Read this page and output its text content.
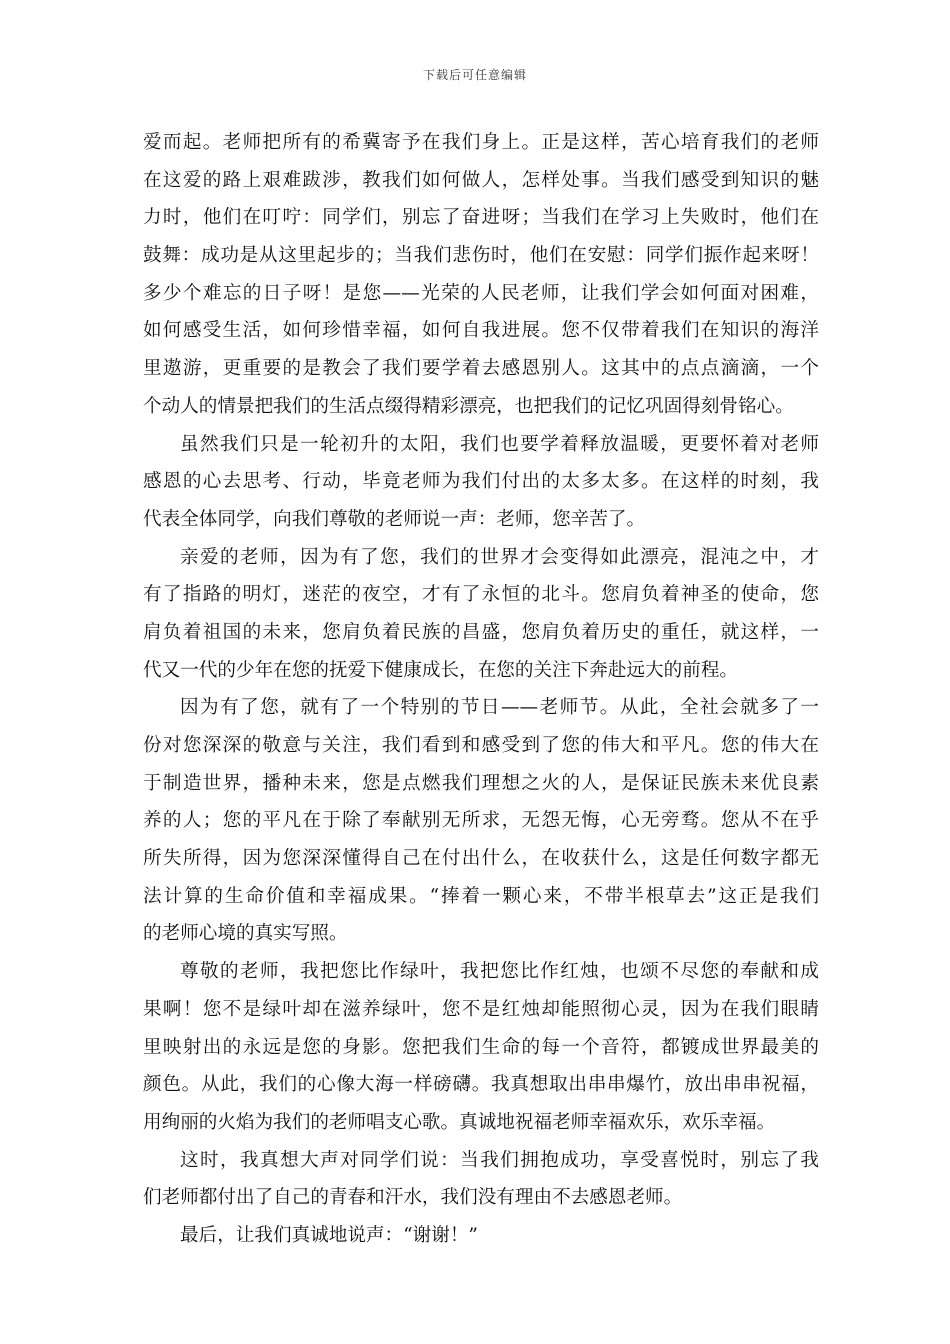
下载后可任意编辑
爱而起。老师把所有的希冀寄予在我们身上。正是这样，苦心培育我们的老师
在这爱的路上艰难跋涉，教我们如何做人，怎样处事。当我们感受到知识的魅
力时，他们在叮咛：同学们，别忘了奋进呀；当我们在学习上失败时，他们在
鼓舞：成功是从这里起步的；当我们悲伤时，他们在安慰：同学们振作起来呀！
多少个难忘的日子呀！是您——光荣的人民老师，让我们学会如何面对困难，
如何感受生活，如何珍惜幸福，如何自我进展。您不仅带着我们在知识的海洋
里遨游，更重要的是教会了我们要学着去感恩别人。这其中的点点滴滴，一个
个动人的情景把我们的生活点缀得精彩漂亮，也把我们的记忆巩固得刻骨铭心。
虽然我们只是一轮初升的太阳，我们也要学着释放温暖，更要怀着对老师
感恩的心去思考、行动，毕竟老师为我们付出的太多太多。在这样的时刻，我
代表全体同学，向我们尊敬的老师说一声：老师，您辛苦了。
亲爱的老师，因为有了您，我们的世界才会变得如此漂亮，混沌之中，才
有了指路的明灯，迷茫的夜空，才有了永恒的北斗。您肩负着神圣的使命，您
肩负着祖国的未来，您肩负着民族的昌盛，您肩负着历史的重任，就这样，一
代又一代的少年在您的抚爱下健康成长，在您的关注下奔赴远大的前程。
因为有了您，就有了一个特别的节日——老师节。从此，全社会就多了一
份对您深深的敬意与关注，我们看到和感受到了您的伟大和平凡。您的伟大在
于制造世界，播种未来，您是点燃我们理想之火的人，是保证民族未来优良素
养的人；您的平凡在于除了奉献别无所求，无怨无悔，心无旁骛。您从不在乎
所失所得，因为您深深懂得自己在付出什么，在收获什么，这是任何数字都无
法计算的生命价值和幸福成果。“捧着一颗心来，不带半根草去”这正是我们
的老师心境的真实写照。
尊敬的老师，我把您比作绿叶，我把您比作红烛，也颂不尽您的奉献和成
果啊！您不是绿叶却在滋养绿叶，您不是红烛却能照彻心灵，因为在我们眼睛
里映射出的永远是您的身影。您把我们生命的每一个音符，都镀成世界最美的
颜色。从此，我们的心像大海一样磅礴。我真想取出串串爆竹，放出串串祝福，
用绚丽的火焰为我们的老师唱支心歌。真诚地祝福老师幸福欢乐，欢乐幸福。
这时，我真想大声对同学们说：当我们拥抱成功，享受喜悦时，别忘了我
们老师都付出了自己的青春和汗水，我们没有理由不去感恩老师。
最后，让我们真诚地说声：“谢谢！”
